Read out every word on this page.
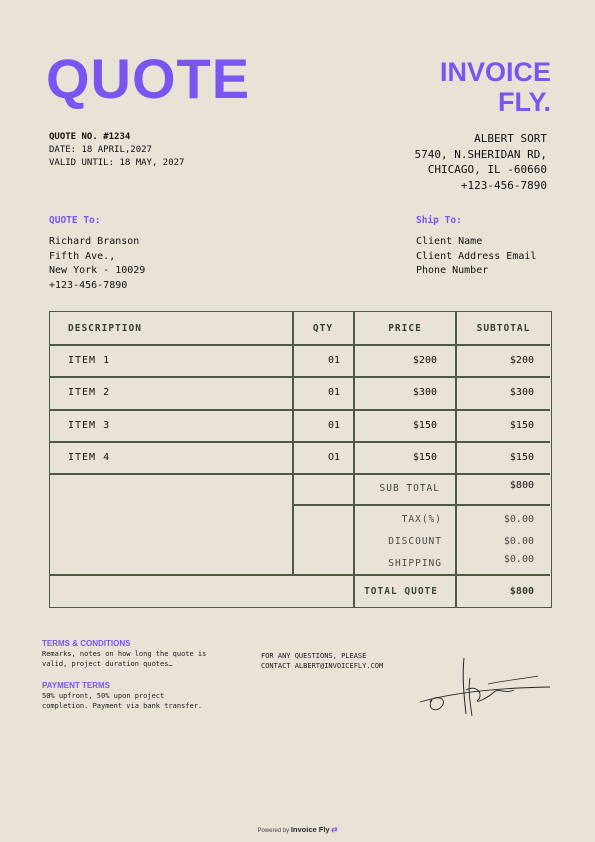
QUOTE	INVOICE
FLY.
QUOTE NO. #1234
DATE: 18 APRIL,2027
VALID UNTIL: 18 MAY, 2027
ALBERT SORT
5740, N.SHERIDAN RD,
CHICAGO, IL -60660
+123-456-7890
QUOTE To:
Richard Branson
Fifth Ave.,
New York - 10029
+123-456-7890
Ship To:
Client Name
Client Address Email
Phone Number
DESCRIPTION	QTY	PRICE	SUBTOTAL
ITEM 1	01	$200	$200
ITEM 2	01	$300	$300
ITEM 3	01	$150	$150
ITEM 4	O1	$150	$150
SUB TOTAL	$800
TAX(%)	$0.00
DISCOUNT	$0.00
SHIPPING	$0.00
TOTAL QUOTE	$800
TERMS & CONDITIONS
Remarks, notes on how long the quote is
valid, project duration quotes…
PAYMENT TERMS
50% upfront, 50% upon project
completion. Payment via bank transfer.
FOR ANY QUESTIONS, PLEASE
CONTACT ALBERT@INVOICEFLY.COM
Powered by Invoice Fly ⇄
